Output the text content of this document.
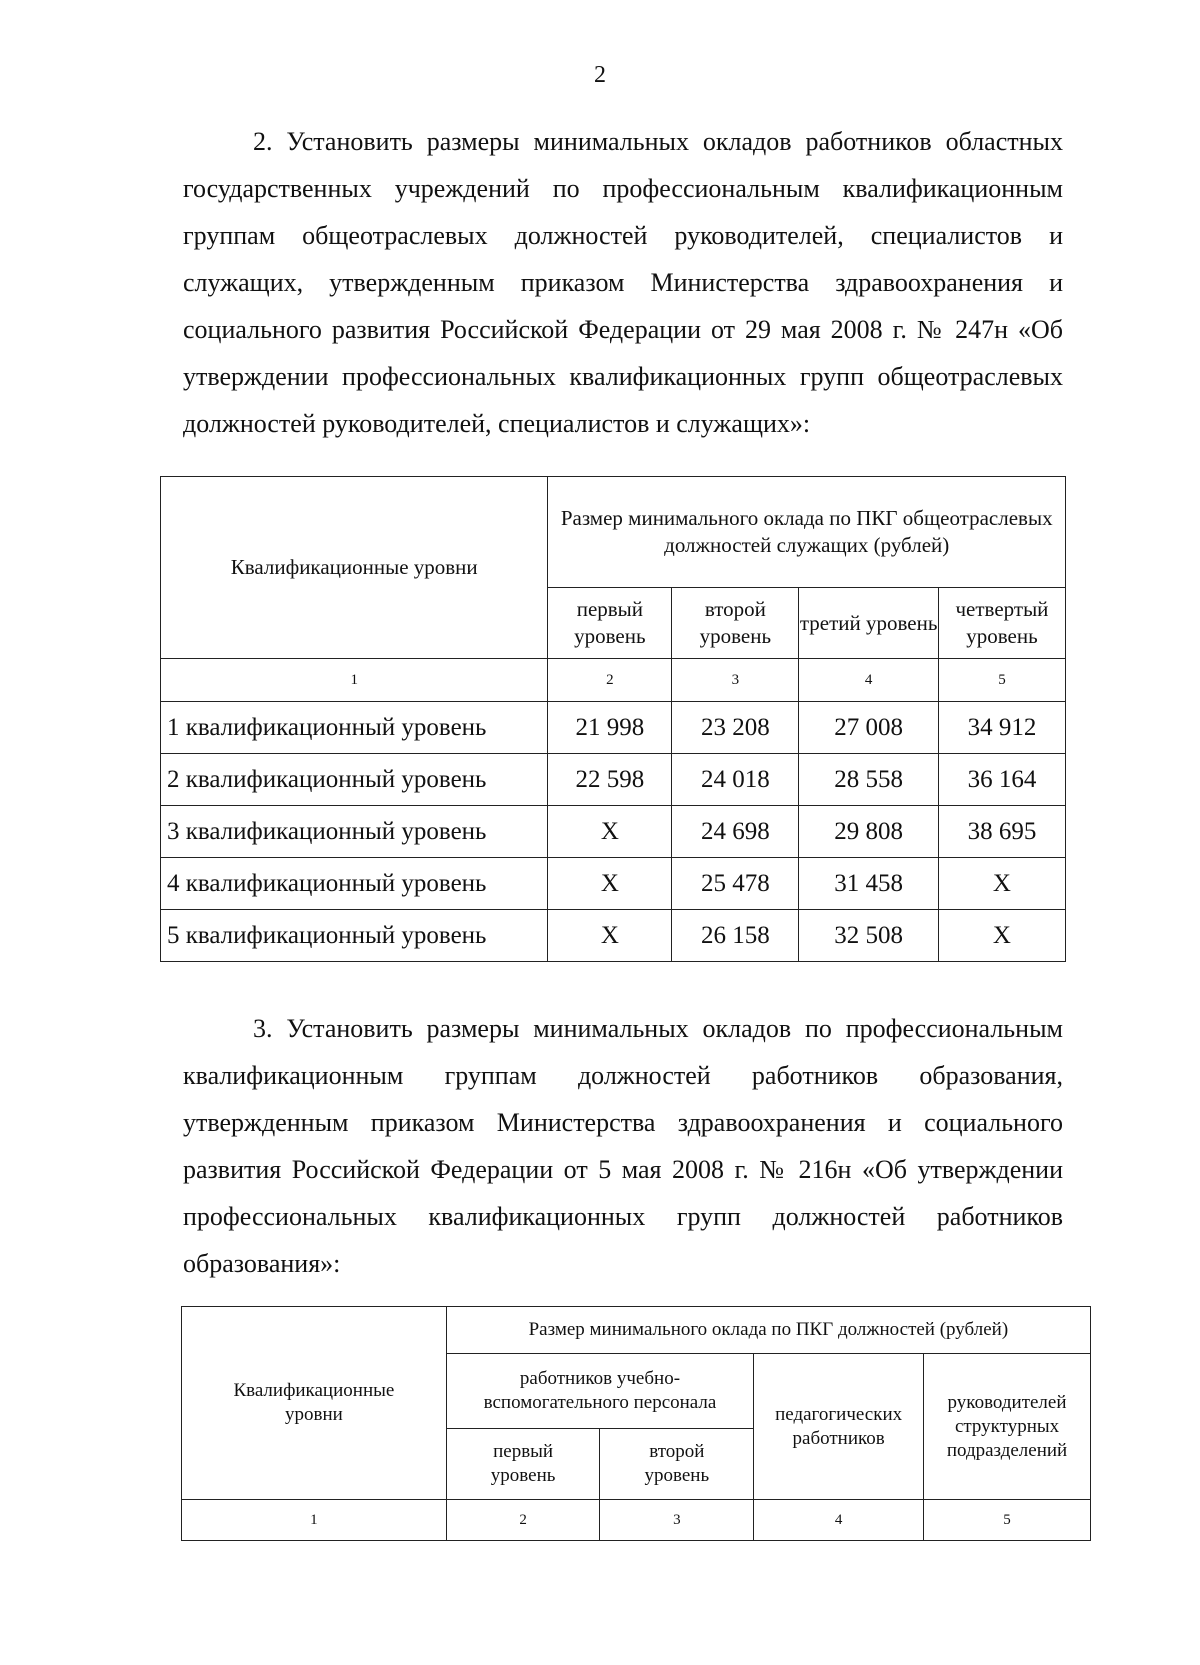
2

2. Установить размеры минимальных окладов работников областных государственных учреждений по профессиональным квалификационным группам общеотраслевых должностей руководителей, специалистов и служащих, утвержденным приказом Министерства здравоохранения и социального развития Российской Федерации от 29 мая 2008 г. № 247н «Об утверждении профессиональных квалификационных групп общеотраслевых должностей руководителей, специалистов и служащих»:

Квалификационные уровни	Размер минимального оклада по ПКГ общеотраслевых должностей служащих (рублей)			
	первый уровень	второй уровень	третий уровень	четвертый уровень
1	2	3	4	5
1 квалификационный уровень	21 998	23 208	27 008	34 912
2 квалификационный уровень	22 598	24 018	28 558	36 164
3 квалификационный уровень	Х	24 698	29 808	38 695
4 квалификационный уровень	Х	25 478	31 458	Х
5 квалификационный уровень	Х	26 158	32 508	Х

3. Установить размеры минимальных окладов по профессиональным квалификационным группам должностей работников образования, утвержденным приказом Министерства здравоохранения и социального развития Российской Федерации от 5 мая 2008 г. № 216н «Об утверждении профессиональных квалификационных групп должностей работников образования»:

Квалификационные уровни	Размер минимального оклада по ПКГ должностей (рублей)			
	работников учебно-вспомогательного персонала		педагогических работников	руководителей структурных подразделений
	первый уровень	второй уровень		
1	2	3	4	5
